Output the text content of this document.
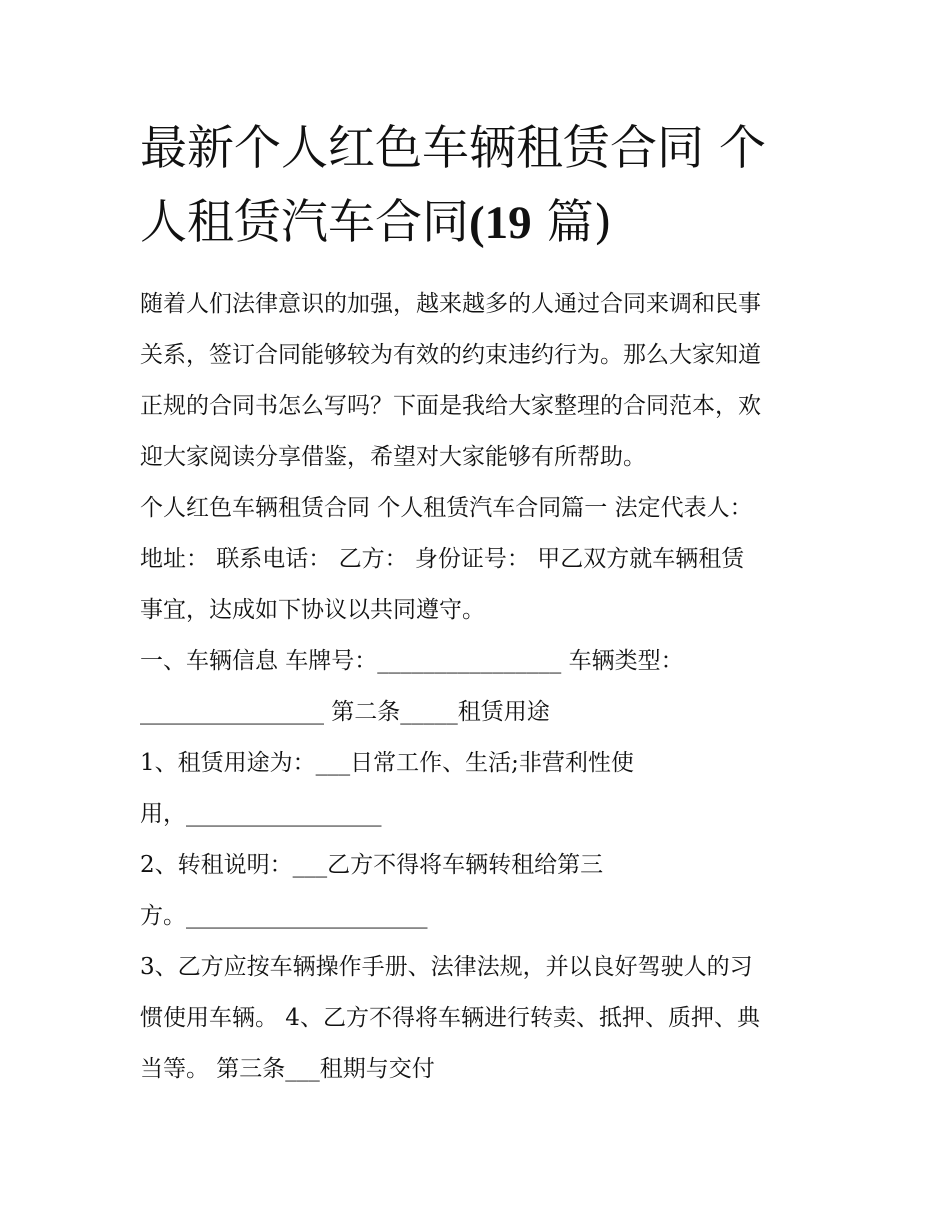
最新个人红色车辆租赁合同 个
人租赁汽车合同(19 篇)

随着人们法律意识的加强，越来越多的人通过合同来调和民事

关系，签订合同能够较为有效的约束违约行为。那么大家知道

正规的合同书怎么写吗？下面是我给大家整理的合同范本，欢

迎大家阅读分享借鉴，希望对大家能够有所帮助。

个人红色车辆租赁合同 个人租赁汽车合同篇一 法定代表人：

地址： 联系电话： 乙方： 身份证号： 甲乙双方就车辆租赁

事宜，达成如下协议以共同遵守。

一、车辆信息 车牌号：________________ 车辆类型：

________________ 第二条_____租赁用途

1、租赁用途为：___日常工作、生活;非营利性使

用，_________________

2、转租说明：___乙方不得将车辆转租给第三

方。_____________________

3、乙方应按车辆操作手册、法律法规，并以良好驾驶人的习

惯使用车辆。 4、乙方不得将车辆进行转卖、抵押、质押、典

当等。 第三条___租期与交付
